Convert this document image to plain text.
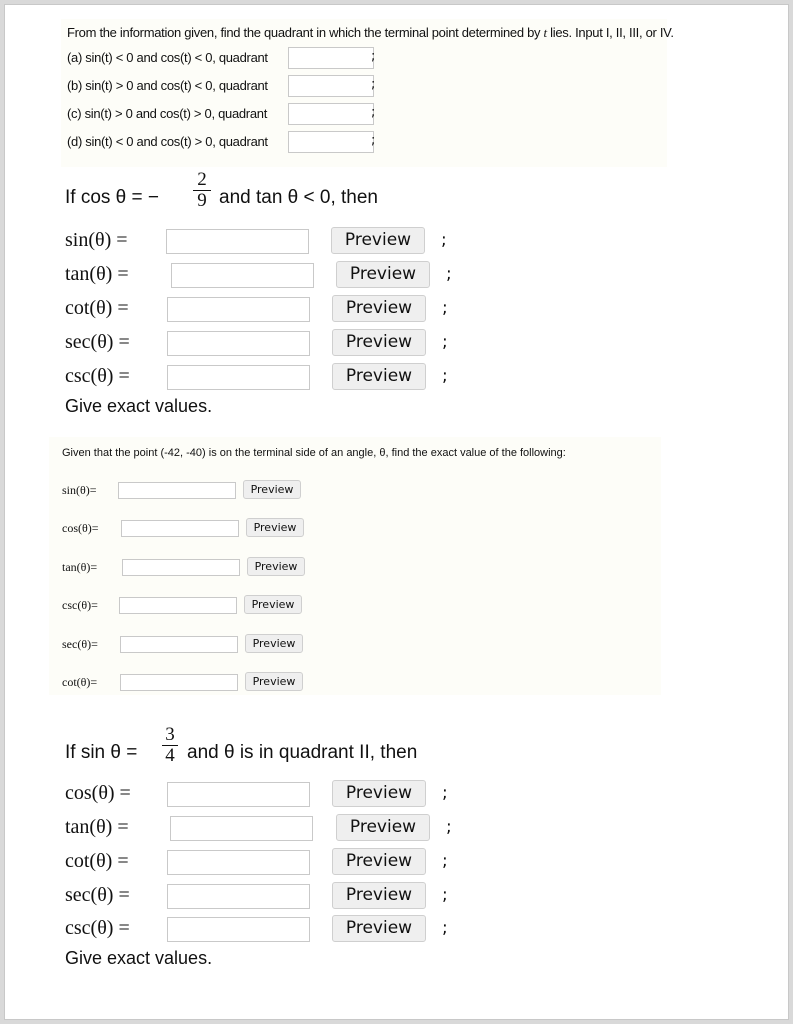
From the information given, find the quadrant in which the terminal point determined by t lies. Input I, II, III, or IV.
(a) sin(t) < 0 and cos(t) < 0, quadrant	;
(b) sin(t) > 0 and cos(t) < 0, quadrant	;
(c) sin(t) > 0 and cos(t) > 0, quadrant	;
(d) sin(t) < 0 and cos(t) > 0, quadrant	;
If cos θ = −
2
9 and tan θ < 0, then
sin(θ) =	Preview	;
tan(θ) =	Preview	;
cot(θ) =	Preview	;
sec(θ) =	Preview	;
csc(θ) =	Preview	;
Give exact values.
Given that the point (-42, -40) is on the terminal side of an angle, θ, find the exact value of the following:
sin(θ)=	Preview
cos(θ)=	Preview
tan(θ)=	Preview
csc(θ)=	Preview
sec(θ)=	Preview
cot(θ)=	Preview
If sin θ =
3
4 and θ is in quadrant II, then
cos(θ) =	Preview	;
tan(θ) =	Preview	;
cot(θ) =	Preview	;
sec(θ) =	Preview	;
csc(θ) =	Preview	;
Give exact values.
